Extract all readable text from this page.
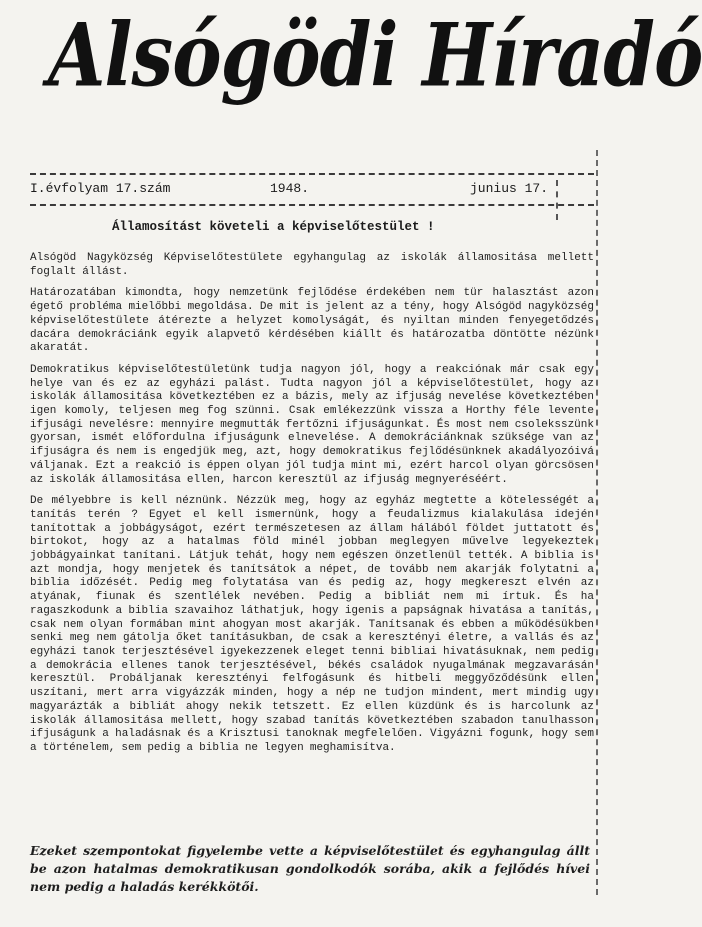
Alsógödi Híradó
I.évfolyam 17.szám	1948.	junius 17.
Államosítást követeli a képviselőtestület !

Alsógöd Nagyközség Képviselőtestülete egyhangulag az iskolák államositása mellett foglalt állást.

Határozatában kimondta, hogy nemzetünk fejlődése érdekében nem tür halasztást azon égető probléma mielőbbi megoldása. De mit is jelent az a tény, hogy Alsógöd nagyközség képviselőtestülete átérezte a helyzet komolyságát, és nyiltan minden fenyegetődzés dacára demokráciánk egyik alapvető kérdésében kiállt és határozatba döntötte nézünk akaratát.

Demokratikus képviselőtestületünk tudja nagyon jól, hogy a reakciónak már csak egy helye van és ez az egyházi palást. Tudta nagyon jól a képviselőtestület, hogy az iskolák államositása következtében ez a bázis, mely az ifjuság nevelése következtében igen komoly, teljesen meg fog szünni. Csak emlékezzünk vissza a Horthy féle levente ifjusági nevelésre: mennyire megmutták fertőzni ifjuságunkat. És most nem csoleksszünk gyorsan, ismét előfordulna ifjuságunk elnevelése. A demokráciánknak szüksége van az ifjuságra és nem is engedjük meg, azt, hogy demokratikus fejlődésünknek akadályozóivá váljanak. Ezt a reakció is éppen olyan jól tudja mint mi, ezért harcol olyan görcsösen az iskolák államositása ellen, harcon keresztül az ifjuság megnyeréséért.

De mélyebbre is kell néznünk. Nézzük meg, hogy az egyház megtette a kötelességét a tanítás terén ? Egyet el kell ismernünk, hogy a feudalizmus kialakulása idején tanítottak a jobbágyságot, ezért természetesen az állam hálából földet juttatott és birtokot, hogy az a hatalmas föld minél jobban meglegyen művelve legyekeztek jobbágyainkat tanítani. Látjuk tehát, hogy nem egészen önzetlenül tették. A biblia is azt mondja, hogy menjetek és tanítsátok a népet, de tovább nem akarják folytatni a biblia időzését. Pedig meg folytatása van és pedig az, hogy megkereszt elvén az atyának, fiunak és szentlélek nevében. Pedig a bibliát nem mi írtuk. És ha ragaszkodunk a biblia szavaihoz láthatjuk, hogy igenis a papságnak hivatása a tanítás, csak nem olyan formában mint ahogyan most akarják. Tanítsanak és ebben a működésükben senki meg nem gátolja őket tanításukban, de csak a keresztényi életre, a vallás és az egyházi tanok terjesztésével igyekezzenek eleget tenni bibliai hivatásuknak, nem pedig a demokrácia ellenes tanok terjesztésével, békés családok nyugalmának megzavarásán keresztül. Probáljanak keresztényi felfogásunk és hitbeli meggyőződésünk ellen uszítani, mert arra vigyázzák minden, hogy a nép ne tudjon mindent, mert mindig ugy magyarázták a bibliát ahogy nekik tetszett. Ez ellen küzdünk és is harcolunk az iskolák államositása mellett, hogy szabad tanítás következtében szabadon tanulhasson ifjuságunk a haladásnak és a Krisztusi tanoknak megfelelően. Vigyázni fogunk, hogy sem a történelem, sem pedig a biblia ne legyen meghamisítva.

Ezeket szempontokat figyelembe vette a képviselőtestület és egyhangulag állt be azon hatalmas demokratikusan gondolkodók sorába, akik a fejlődés hívei nem pedig a haladás kerékkötői.
